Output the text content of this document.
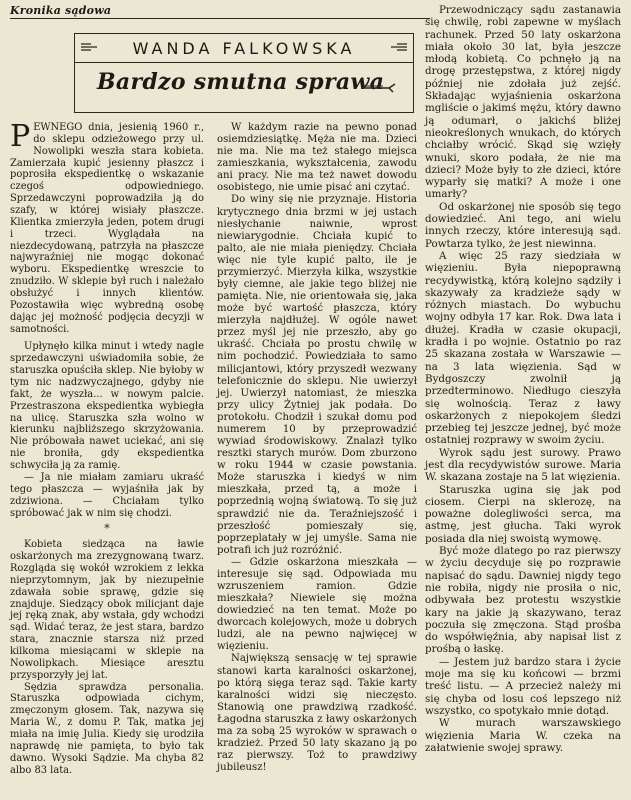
Kronika sądowa
WANDA FALKOWSKA
Bardzo smutna sprawa

PEWNEGO dnia, jesienią 1960 r., do sklepu odzieżowego przy ul. Nowolipki weszła stara kobieta. Zamierzała kupić jesienny płaszcz i poprosiła ekspedientkę o wskazanie czegoś odpowiedniego. Sprzedawczyni poprowadziła ją do szafy, w której wisiały płaszcze. Klientka zmierzyła jeden, potem drugi i trzeci. Wyglądała na niezdecydowaną, patrzyła na płaszcze najwyraźniej nie mogąc dokonać wyboru. Ekspedientkę wreszcie to znudziło. W sklepie był ruch i należało obsłużyć i innych klientów. Pozostawiła więc wybredną osobę dając jej możność podjęcia decyzji w samotności.

Upłynęło kilka minut i wtedy nagle sprzedawczyni uświadomiła sobie, że staruszka opuściła sklep. Nie byłoby w tym nic nadzwyczajnego, gdyby nie fakt, że wyszła... w nowym palcie. Przestraszona ekspedientka wybiegła na ulicę. Staruszka szła wolno w kierunku najbliższego skrzyżowania. Nie próbowała nawet uciekać, ani się nie broniła, gdy ekspedientka schwyciła ją za ramię.

— Ja nie miałam zamiaru ukraść tego płaszcza — wyjaśniła jak by zdziwiona. — Chciałam tylko spróbować jak w nim się chodzi.

*

Kobieta siedząca na ławie oskarżonych ma zrezygnowaną twarz. Rozgląda się wokół wzrokiem z lekka nieprzytomnym, jak by niezupełnie zdawała sobie sprawę, gdzie się znajduje. Siedzący obok milicjant daje jej ręką znak, aby wstała, gdy wchodzi sąd. Widać teraz, że jest stara, bardzo stara, znacznie starsza niż przed kilkoma miesiącami w sklepie na Nowolipkach. Miesiące aresztu przysporzyły jej lat.

Sędzia sprawdza personalia. Staruszka odpowiada cichym, zmęczonym głosem. Tak, nazywa się Maria W., z domu P. Tak, matka jej miała na imię Julia. Kiedy się urodziła naprawdę nie pamięta, to było tak dawno. Wysoki Sądzie. Ma chyba 82 albo 83 lata.

W każdym razie na pewno ponad osiemdziesiątkę. Męża nie ma. Dzieci nie ma. Nie ma też stałego miejsca zamieszkania, wykształcenia, zawodu ani pracy. Nie ma też nawet dowodu osobistego, nie umie pisać ani czytać.

Do winy się nie przyznaje. Historia krytycznego dnia brzmi w jej ustach niesłychanie naiwnie, wprost niewiarygodnie. Chciała kupić to palto, ale nie miała pieniędzy. Chciała więc nie tyle kupić palto, ile je przymierzyć. Mierzyła kilka, wszystkie były ciemne, ale jakie tego bliżej nie pamięta. Nie, nie orientowała się, jaka może być wartość płaszcza, który mierzyła najdłużej. W ogóle nawet przez myśl jej nie przeszło, aby go ukraść. Chciała po prostu chwilę w nim pochodzić. Powiedziała to samo milicjantowi, który przyszedł wezwany telefonicznie do sklepu. Nie uwierzył jej. Uwierzył natomiast, że mieszka przy ulicy Żytniej jak podała. Do protokołu. Chodził i szukał domu pod numerem 10 by przeprowadzić wywiad środowiskowy. Znalazł tylko resztki starych murów. Dom zburzono w roku 1944 w czasie powstania. Może staruszka i kiedyś w nim mieszkała, przed tą, a może i poprzednią wojną światową. To się już sprawdzić nie da. Teraźniejszość i przeszłość pomieszały się, poprzeplatały w jej umyśle. Sama nie potrafi ich już rozróżnić.

— Gdzie oskarżona mieszkała — interesuje się sąd. Odpowiada mu wzruszeniem ramion. Gdzie mieszkała? Niewiele się można dowiedzieć na ten temat. Może po dworcach kolejowych, może u dobrych ludzi, ale na pewno najwięcej w więzieniu.

Największą sensację w tej sprawie stanowi karta karalności oskarżonej, po którą sięga teraz sąd. Takie karty karalności widzi się nieczęsto. Stanowią one prawdziwą rzadkość. Łagodna staruszka z ławy oskarżonych ma za sobą 25 wyroków w sprawach o kradzież. Przed 50 laty skazano ją po raz pierwszy. Toż to prawdziwy jubileusz!

Przewodniczący sądu zastanawia się chwilę, robi zapewne w myślach rachunek. Przed 50 laty oskarżona miała około 30 lat, była jeszcze młodą kobietą. Co pchnęło ją na drogę przestępstwa, z której nigdy później nie zdołała już zejść. Składając wyjaśnienia oskarżona mgliście o jakimś mężu, który dawno ją odumarł, o jakichś bliżej nieokreślonych wnukach, do których chciałby wrócić. Skąd się wzięły wnuki, skoro podała, że nie ma dzieci? Może były to złe dzieci, które wyparły się matki? A może i one umarły?

Od oskarżonej nie sposób się tego dowiedzieć. Ani tego, ani wielu innych rzeczy, które interesują sąd. Powtarza tylko, że jest niewinna.

A więc 25 razy siedziała w więzieniu. Była niepoprawną recydywistką, którą kolejno sądziły i skazywały za kradzieże sądy w różnych miastach. Do wybuchu wojny odbyła 17 kar. Rok. Dwa lata i dłużej. Kradła w czasie okupacji, kradła i po wojnie. Ostatnio po raz 25 skazana została w Warszawie — na 3 lata więzienia. Sąd w Bydgoszczy zwolnił ją przedterminowo. Niedługo cieszyła się wolnością. Teraz z ławy oskarżonych z niepokojem śledzi przebieg tej jeszcze jednej, być może ostatniej rozprawy w swoim życiu.

Wyrok sądu jest surowy. Prawo jest dla recydywistów surowe. Maria W. skazana zostaje na 5 lat więzienia.

Staruszka ugina się jak pod ciosem. Cierpi na sklerozę, na poważne dolegliwości serca, ma astmę, jest głucha. Taki wyrok posiada dla niej swoistą wymowę.

Być może dlatego po raz pierwszy w życiu decyduje się po rozprawie napisać do sądu. Dawniej nigdy tego nie robiła, nigdy nie prosiła o nic, odbywała bez protestu wszystkie kary na jakie ją skazywano, teraz poczuła się zmęczona. Stąd prośba do współwięźnia, aby napisał list z prośbą o łaskę.

— Jestem już bardzo stara i życie moje ma się ku końcowi — brzmi treść listu. — A przecież należy mi się chyba od losu coś lepszego niż wszystko, co spotykało mnie dotąd.

W murach warszawskiego więzienia Maria W. czeka na załatwienie swojej sprawy.
